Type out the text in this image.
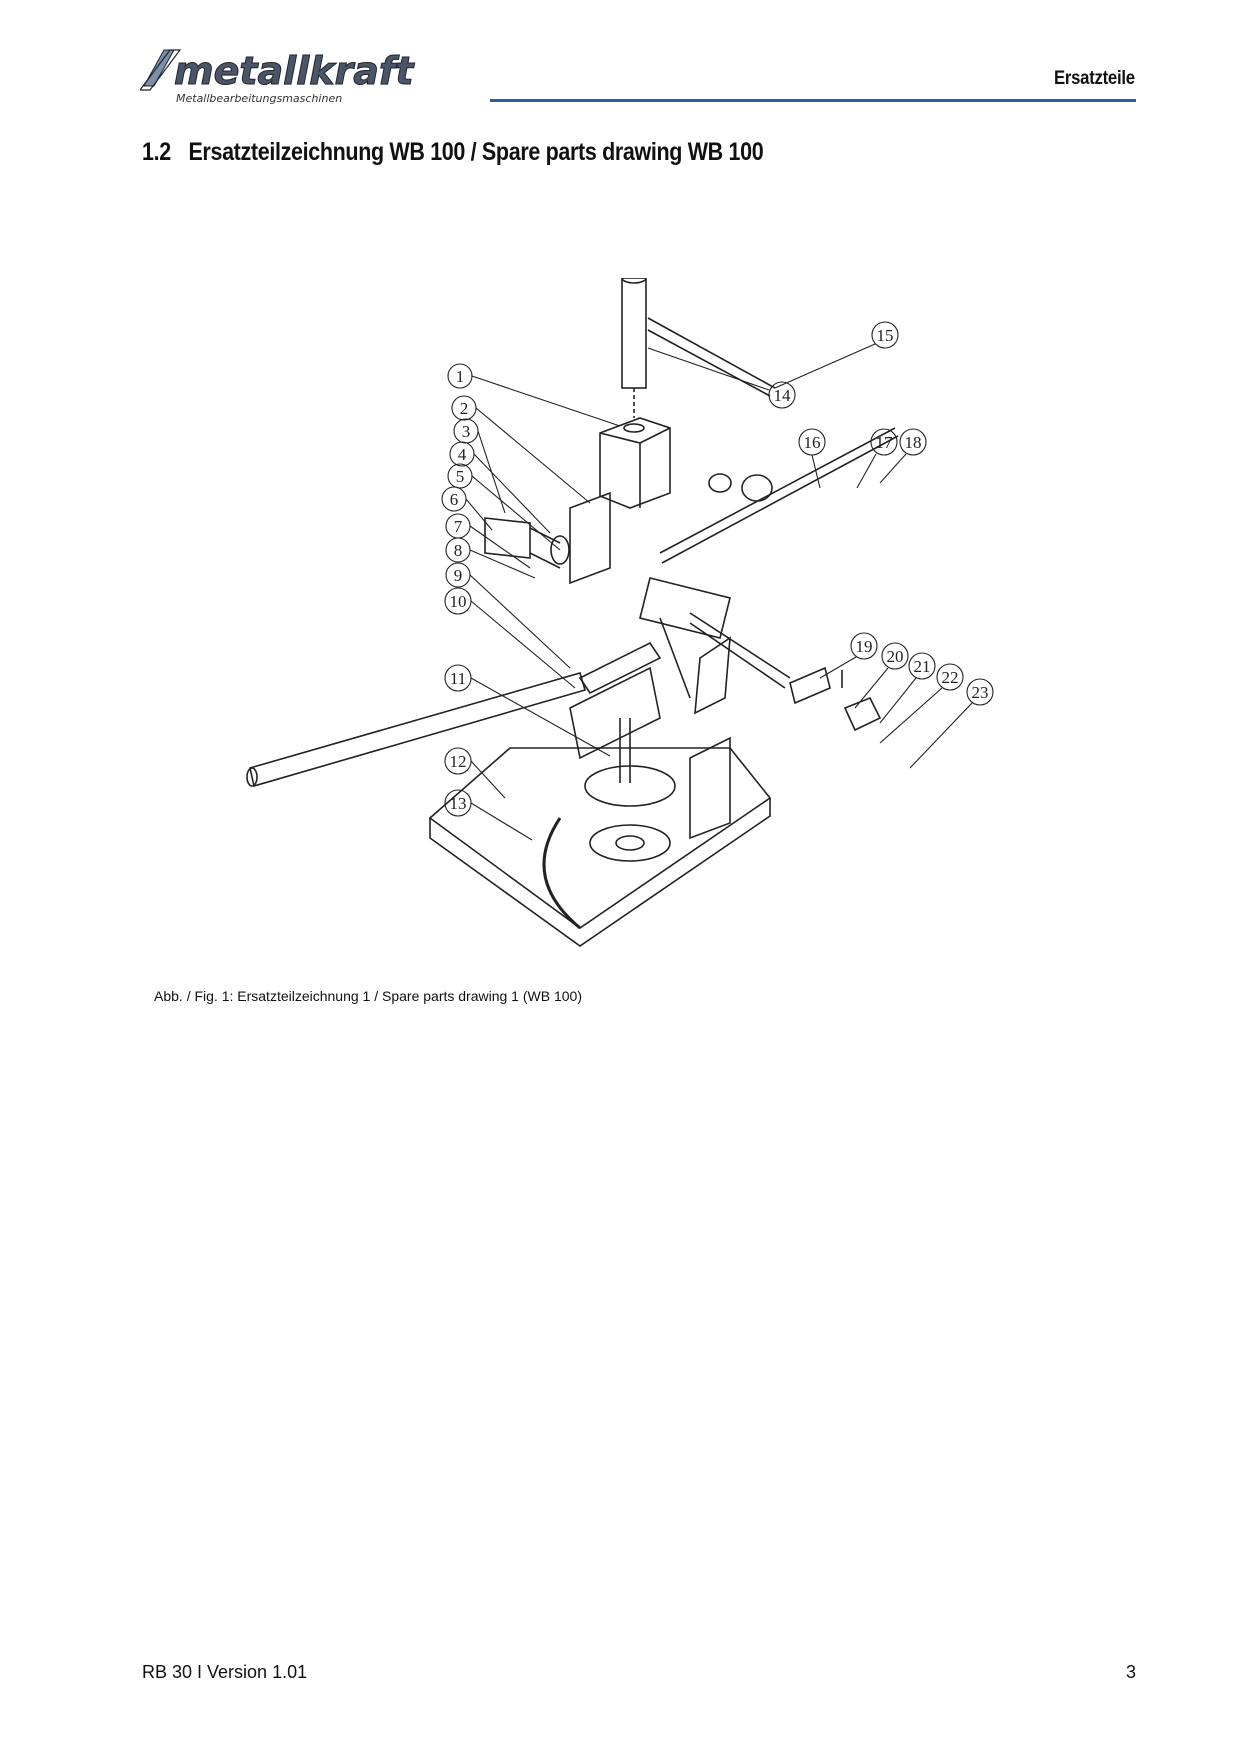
metallkraft
Metallbearbeitungsmaschinen
Ersatzteile
1.2 Ersatzteilzeichnung WB 100 / Spare parts drawing WB 100
1
2
3
4
5
6
7
8
9
10
11
12
13
14
15
16	17 18
19
20
21
22
23
Abb. / Fig. 1: Ersatzteilzeichnung 1 / Spare parts drawing 1 (WB 100)
RB 30 I Version 1.01	3
